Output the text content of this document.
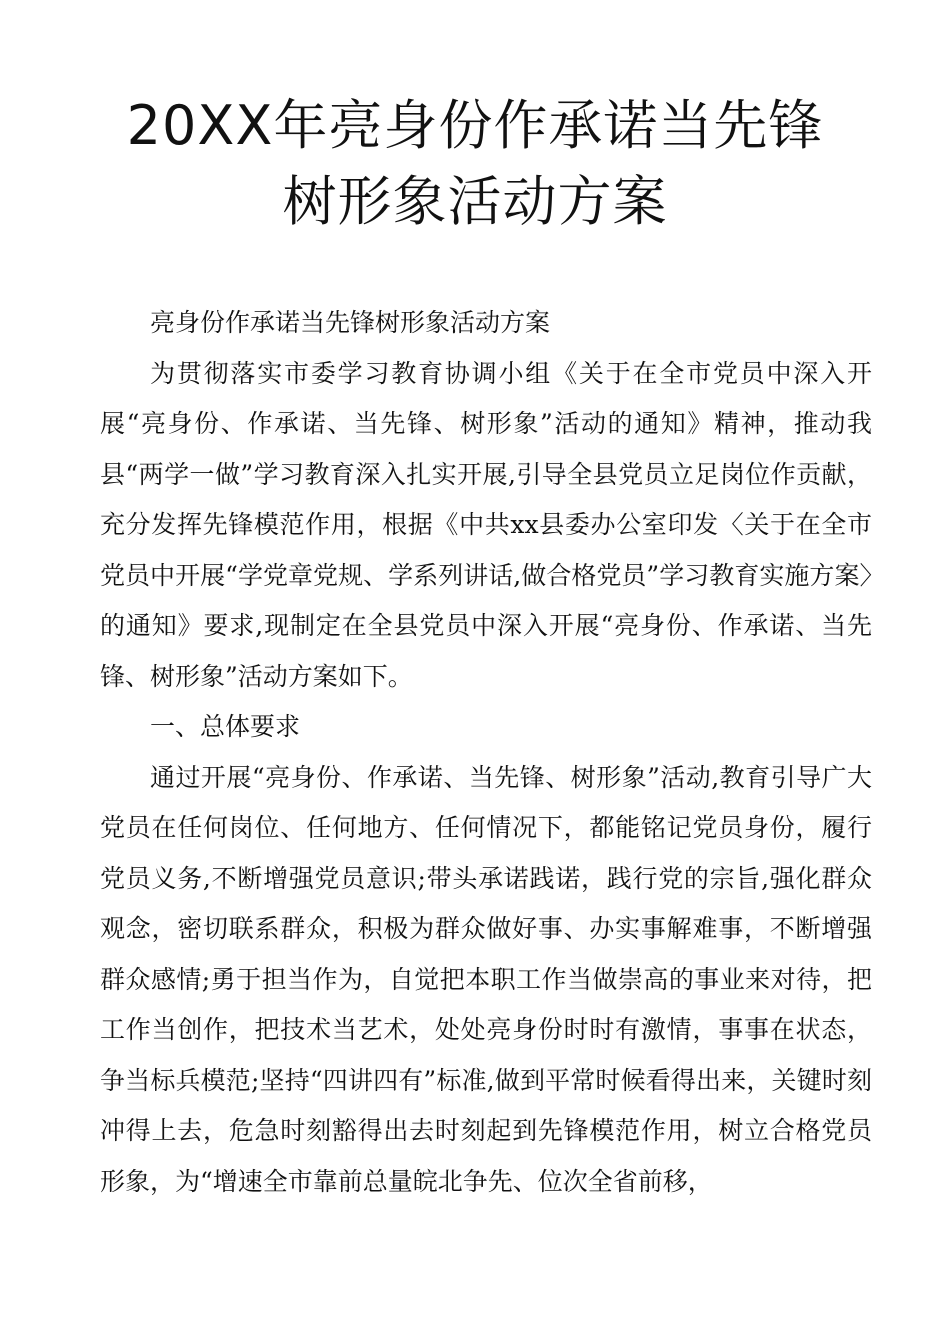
20XX年亮身份作承诺当先锋
树形象活动方案

亮身份作承诺当先锋树形象活动方案

为贯彻落实市委学习教育协调小组《关于在全市党员中深入开展“亮身份、作承诺、当先锋、树形象”活动的通知》精神，推动我县“两学一做”学习教育深入扎实开展,引导全县党员立足岗位作贡献，充分发挥先锋模范作用，根据《中共xx县委办公室印发〈关于在全市党员中开展“学党章党规、学系列讲话,做合格党员”学习教育实施方案〉的通知》要求,现制定在全县党员中深入开展“亮身份、作承诺、当先锋、树形象”活动方案如下。

一、总体要求

通过开展“亮身份、作承诺、当先锋、树形象”活动,教育引导广大党员在任何岗位、任何地方、任何情况下，都能铭记党员身份，履行党员义务,不断增强党员意识;带头承诺践诺，践行党的宗旨,强化群众观念，密切联系群众，积极为群众做好事、办实事解难事，不断增强群众感情;勇于担当作为，自觉把本职工作当做崇高的事业来对待，把工作当创作，把技术当艺术，处处亮身份时时有激情，事事在状态，争当标兵模范;坚持“四讲四有”标准,做到平常时候看得出来，关键时刻冲得上去，危急时刻豁得出去时刻起到先锋模范作用，树立合格党员形象，为“增速全市靠前总量皖北争先、位次全省前移，
